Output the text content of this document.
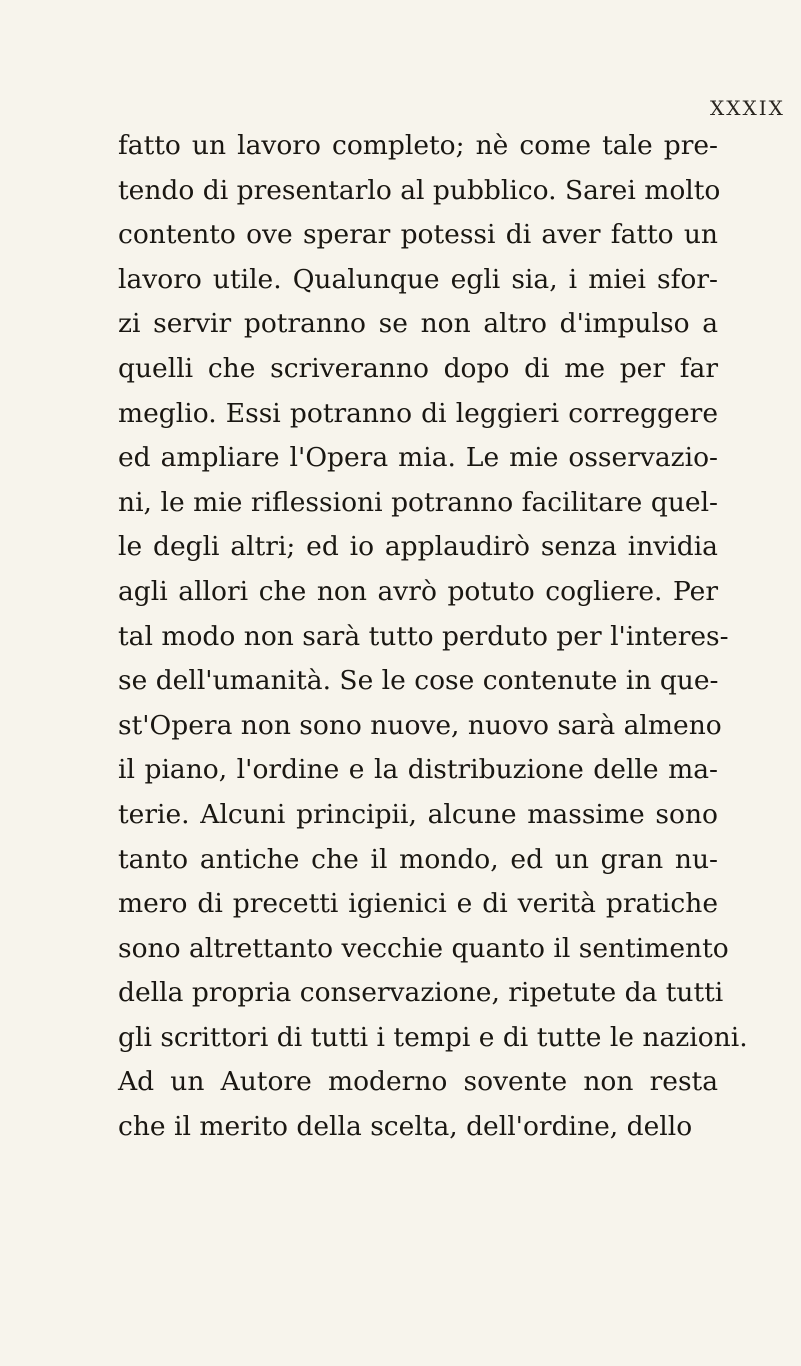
XXXIX
fatto un lavoro completo; nè come tale pre-
tendo di presentarlo al pubblico. Sarei molto
contento ove sperar potessi di aver fatto un
lavoro utile. Qualunque egli sia, i miei sfor-
zi servir potranno se non altro d'impulso a
quelli che scriveranno dopo di me per far
meglio. Essi potranno di leggieri correggere
ed ampliare l'Opera mia. Le mie osservazio-
ni, le mie riflessioni potranno facilitare quel-
le degli altri; ed io applaudirò senza invidia
agli allori che non avrò potuto cogliere. Per
tal modo non sarà tutto perduto per l'interes-
se dell'umanità. Se le cose contenute in que-
st'Opera non sono nuove, nuovo sarà almeno
il piano, l'ordine e la distribuzione delle ma-
terie. Alcuni principii, alcune massime sono
tanto antiche che il mondo, ed un gran nu-
mero di precetti igienici e di verità pratiche
sono altrettanto vecchie quanto il sentimento
della propria conservazione, ripetute da tutti
gli scrittori di tutti i tempi e di tutte le nazioni.
Ad un Autore moderno sovente non resta
che il merito della scelta, dell'ordine, dello
